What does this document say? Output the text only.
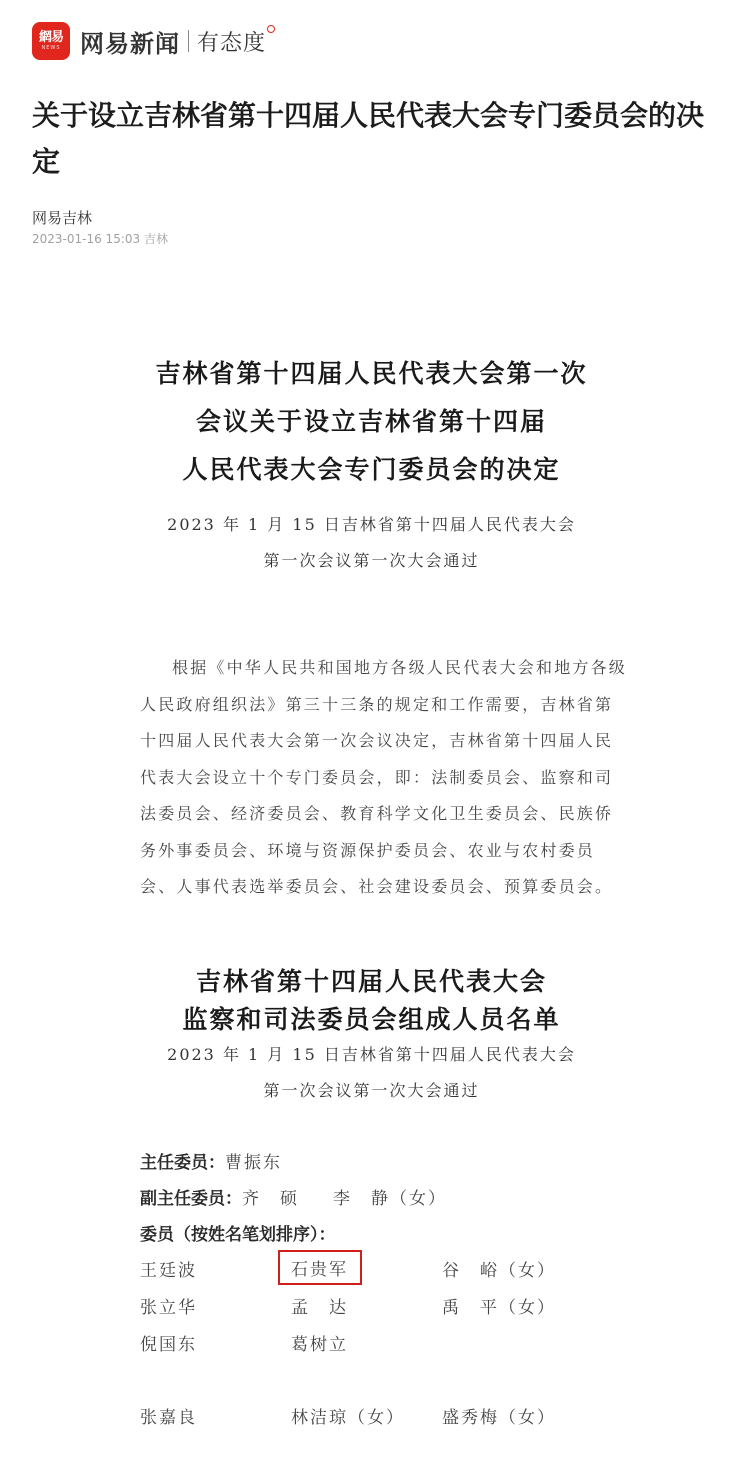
網易
NEWS 网易新闻 有态度
关于设立吉林省第十四届人民代表大会专门委员会的决定
网易吉林
2023-01-16 15:03 吉林
吉林省第十四届人民代表大会第一次
会议关于设立吉林省第十四届
人民代表大会专门委员会的决定
2023 年 1 月 15 日吉林省第十四届人民代表大会
第一次会议第一次大会通过

根据《中华人民共和国地方各级人民代表大会和地方各级人民政府组织法》第三十三条的规定和工作需要，吉林省第十四届人民代表大会第一次会议决定，吉林省第十四届人民代表大会设立十个专门委员会，即：法制委员会、监察和司法委员会、经济委员会、教育科学文化卫生委员会、民族侨务外事委员会、环境与资源保护委员会、农业与农村委员会、人事代表选举委员会、社会建设委员会、预算委员会。

吉林省第十四届人民代表大会
监察和司法委员会组成人员名单
2023 年 1 月 15 日吉林省第十四届人民代表大会
第一次会议第一次大会通过
主任委员：曹振东
副主任委员：齐　硕 李　静（女）
委员（按姓名笔划排序）：
王廷波	石贵军	谷　峪（女）
张立华	孟　达	禹　平（女）
倪国东	葛树立
张嘉良	林洁琼（女） 盛秀梅（女）
